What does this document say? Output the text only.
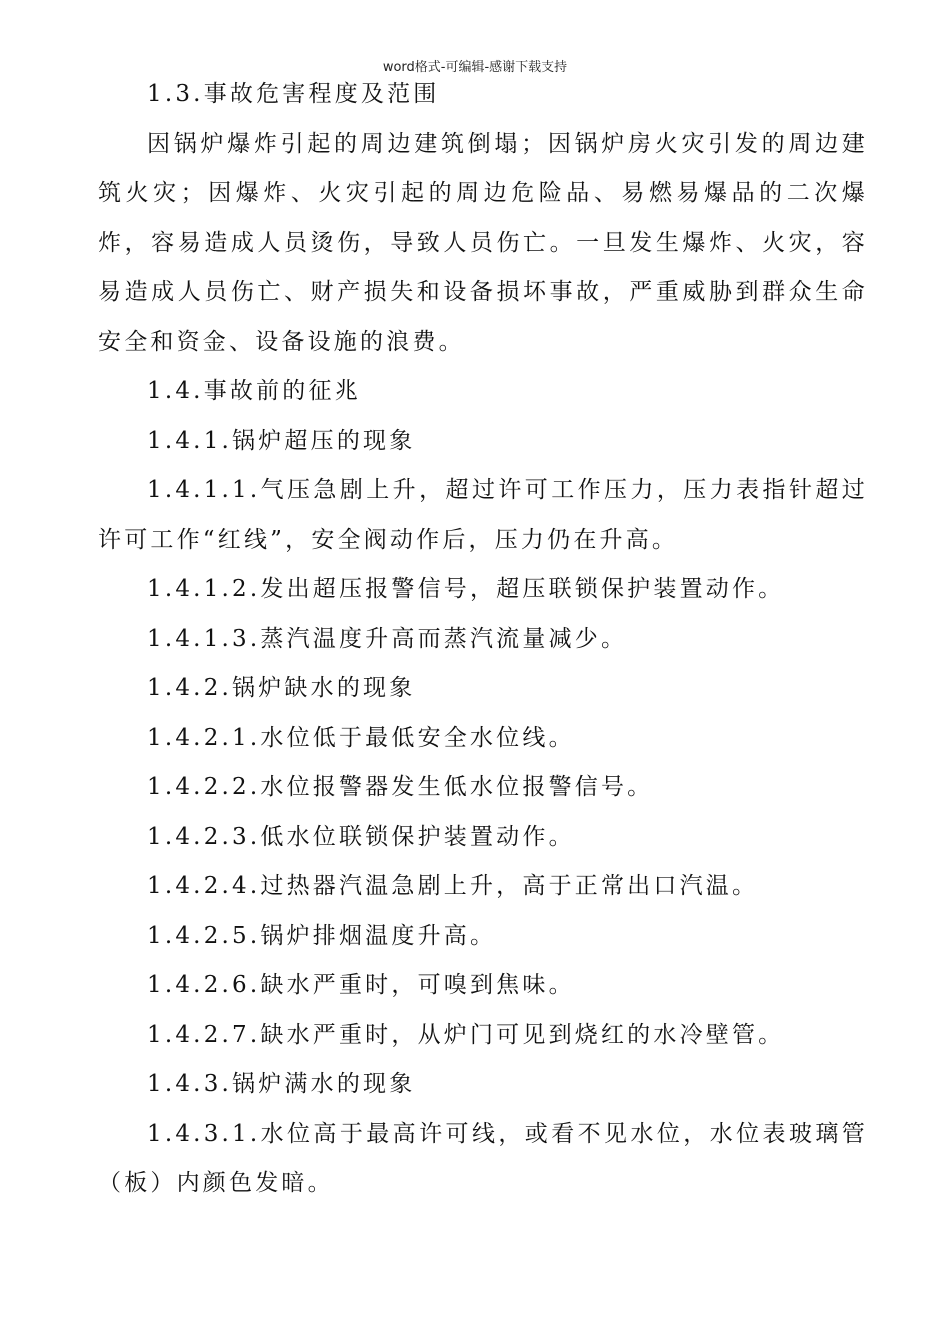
word格式-可编辑-感谢下载支持

1.3.事故危害程度及范围

因锅炉爆炸引起的周边建筑倒塌；因锅炉房火灾引发的周边建筑火灾；因爆炸、火灾引起的周边危险品、易燃易爆品的二次爆炸，容易造成人员烫伤，导致人员伤亡。一旦发生爆炸、火灾，容易造成人员伤亡、财产损失和设备损坏事故，严重威胁到群众生命安全和资金、设备设施的浪费。

1.4.事故前的征兆

1.4.1.锅炉超压的现象

1.4.1.1.气压急剧上升，超过许可工作压力，压力表指针超过许可工作“红线”，安全阀动作后，压力仍在升高。

1.4.1.2.发出超压报警信号，超压联锁保护装置动作。

1.4.1.3.蒸汽温度升高而蒸汽流量减少。

1.4.2.锅炉缺水的现象

1.4.2.1.水位低于最低安全水位线。

1.4.2.2.水位报警器发生低水位报警信号。

1.4.2.3.低水位联锁保护装置动作。

1.4.2.4.过热器汽温急剧上升，高于正常出口汽温。

1.4.2.5.锅炉排烟温度升高。

1.4.2.6.缺水严重时，可嗅到焦味。

1.4.2.7.缺水严重时，从炉门可见到烧红的水冷壁管。

1.4.3.锅炉满水的现象

1.4.3.1.水位高于最高许可线，或看不见水位，水位表玻璃管（板）内颜色发暗。
